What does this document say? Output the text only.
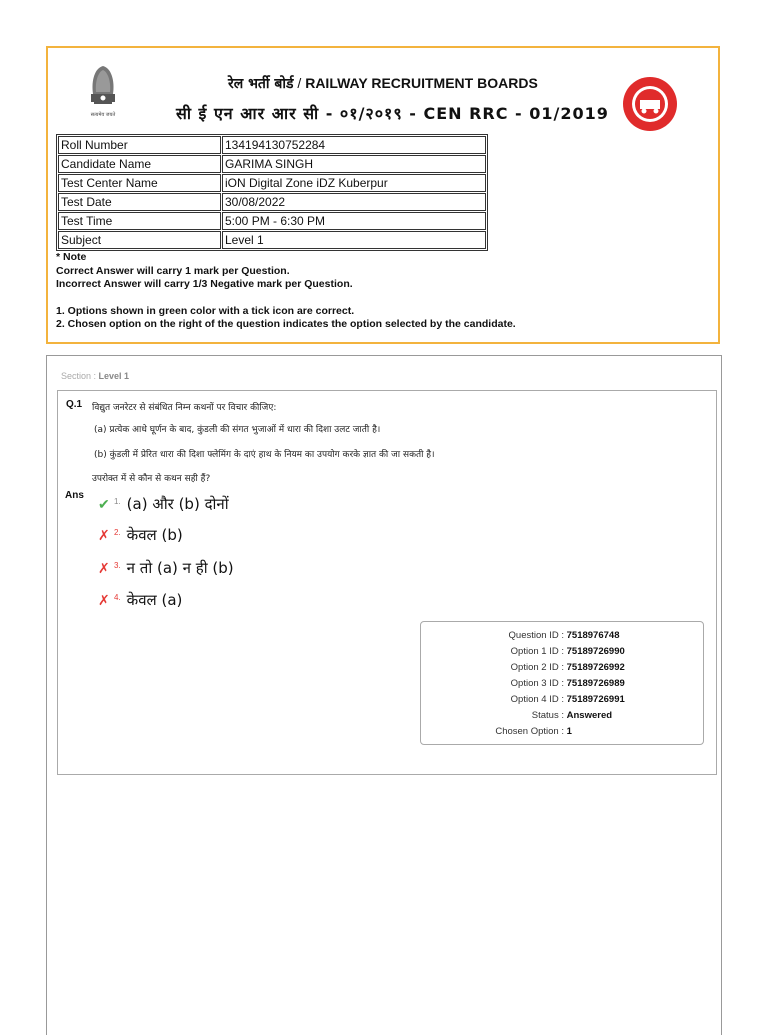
सत्यमेव जयते
रेल भर्ती बोर्ड / RAILWAY RECRUITMENT BOARDS
सी ई एन आर आर सी - ०१/२०१९ - CEN RRC - 01/2019
Roll Number	134194130752284
Candidate Name	GARIMA SINGH
Test Center Name	iON Digital Zone iDZ Kuberpur
Test Date	30/08/2022
Test Time	5:00 PM - 6:30 PM
Subject	Level 1
* Note
Correct Answer will carry 1 mark per Question.
Incorrect Answer will carry 1/3 Negative mark per Question.
1. Options shown in green color with a tick icon are correct.
2. Chosen option on the right of the question indicates the option selected by the candidate.
Section : Level 1
Q.1 विद्युत जनरेटर से संबंधित निम्न कथनों पर विचार कीजिए:
(a) प्रत्येक आधे घूर्णन के बाद, कुंडली की संगत भुजाओं में धारा की दिशा उलट जाती है।
(b) कुंडली में प्रेरित धारा की दिशा फ्लेमिंग के दाएं हाथ के नियम का उपयोग करके ज्ञात की जा सकती है।
उपरोक्त में से कौन से कथन सही हैं?
Ans
✔ 1. (a) और (b) दोनों
✗ 2. केवल (b)
✗ 3. न तो (a) न ही (b)
✗ 4. केवल (a)
Question ID : 7518976748
Option 1 ID : 75189726990
Option 2 ID : 75189726992
Option 3 ID : 75189726989
Option 4 ID : 75189726991
Status : Answered
Chosen Option : 1
